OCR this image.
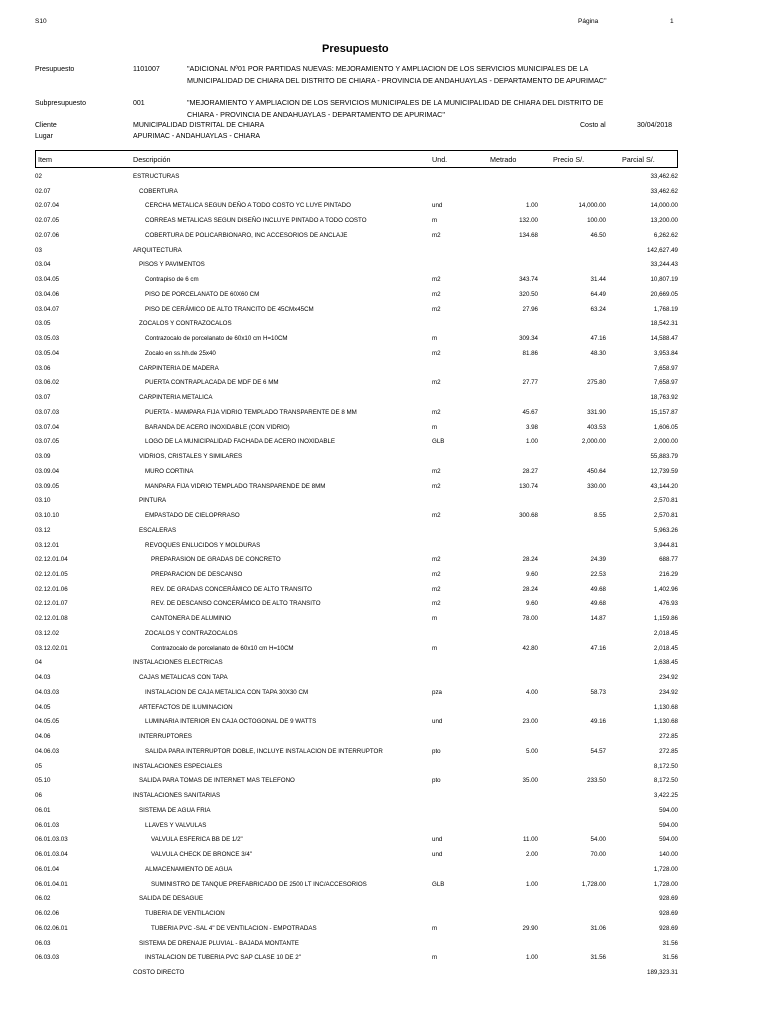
S10	Página	1
Presupuesto
Presupuesto	1101007	"ADICIONAL Nº01 POR PARTIDAS NUEVAS: MEJORAMIENTO Y AMPLIACION DE LOS SERVICIOS MUNICIPALES DE LA MUNICIPALIDAD DE CHIARA DEL DISTRITO DE CHIARA - PROVINCIA DE ANDAHUAYLAS - DEPARTAMENTO DE APURIMAC"
Subpresupuesto	001	"MEJORAMIENTO Y AMPLIACION DE LOS SERVICIOS MUNICIPALES DE LA MUNICIPALIDAD DE CHIARA DEL DISTRITO DE CHIARA - PROVINCIA DE ANDAHUAYLAS - DEPARTAMENTO DE APURIMAC"
Cliente	MUNICIPALIDAD DISTRITAL DE CHIARA	Costo al	30/04/2018
Lugar	APURIMAC - ANDAHUAYLAS - CHIARA
Item	Descripción	Und.	Metrado	Precio S/.	Parcial S/.
02	ESTRUCTURAS	33,462.62
02.07	COBERTURA	33,462.62
02.07.04	CERCHA METALICA SEGUN DEÑO A TODO COSTO YC LUYE PINTADO	und	1.00	14,000.00	14,000.00
02.07.05	CORREAS METALICAS SEGUN DISEÑO INCLUYE PINTADO A TODO COSTO	m	132.00	100.00	13,200.00
02.07.06	COBERTURA DE POLICARBIONARO, INC ACCESORIOS DE ANCLAJE	m2	134.68	46.50	6,262.62
03	ARQUITECTURA	142,627.49
03.04	PISOS Y PAVIMENTOS	33,244.43
03.04.05	Contrapiso de 6 cm	m2	343.74	31.44	10,807.19
03.04.06	PISO DE PORCELANATO DE 60X60 CM	m2	320.50	64.49	20,669.05
03.04.07	PISO DE CERÁMICO DE ALTO TRANCITO DE 45CMx45CM	m2	27.96	63.24	1,768.19
03.05	ZOCALOS Y CONTRAZOCALOS	18,542.31
03.05.03	Contrazocalo de porcelanato de 60x10 cm H=10CM	m	309.34	47.16	14,588.47
03.05.04	Zocalo en ss.hh.de 25x40	m2	81.86	48.30	3,953.84
03.06	CARPINTERIA DE MADERA	7,658.97
03.06.02	PUERTA CONTRAPLACADA DE MDF DE 6 MM	m2	27.77	275.80	7,658.97
03.07	CARPINTERIA METALICA	18,763.92
03.07.03	PUERTA - MAMPARA FIJA VIDRIO TEMPLADO TRANSPARENTE DE 8 MM	m2	45.67	331.90	15,157.87
03.07.04	BARANDA DE ACERO INOXIDABLE (CON VIDRIO)	m	3.98	403.53	1,606.05
03.07.05	LOGO DE LA MUNICIPALIDAD FACHADA DE ACERO INOXIDABLE	GLB	1.00	2,000.00	2,000.00
03.09	VIDRIOS, CRISTALES Y SIMILARES	55,883.79
03.09.04	MURO CORTINA	m2	28.27	450.64	12,739.59
03.09.05	MANPARA FIJA VIDRIO TEMPLADO TRANSPARENDE DE 8MM	m2	130.74	330.00	43,144.20
03.10	PINTURA	2,570.81
03.10.10	EMPASTADO DE CIELOPRRASO	m2	300.68	8.55	2,570.81
03.12	ESCALERAS	5,963.26
03.12.01	REVOQUES ENLUCIDOS Y MOLDURAS	3,944.81
02.12.01.04	PREPARASION DE GRADAS DE CONCRETO	m2	28.24	24.39	688.77
02.12.01.05	PREPARACION DE DESCANSO	m2	9.60	22.53	216.29
02.12.01.06	REV. DE GRADAS CONCERÁMICO DE ALTO TRANSITO	m2	28.24	49.68	1,402.96
02.12.01.07	REV. DE DESCANSO CONCERÁMICO DE ALTO TRANSITO	m2	9.60	49.68	476.93
02.12.01.08	CANTONERA DE ALUMINIO	m	78.00	14.87	1,159.86
03.12.02	ZOCALOS Y CONTRAZOCALOS	2,018.45
03.12.02.01	Contrazocalo de porcelanato de 60x10 cm H=10CM	m	42.80	47.16	2,018.45
04	INSTALACIONES ELECTRICAS	1,638.45
04.03	CAJAS METALICAS CON TAPA	234.92
04.03.03	INSTALACION DE CAJA METALICA CON TAPA 30X30 CM	pza	4.00	58.73	234.92
04.05	ARTEFACTOS DE ILUMINACION	1,130.68
04.05.05	LUMINARIA INTERIOR EN CAJA OCTOGONAL DE 9 WATTS	und	23.00	49.16	1,130.68
04.06	INTERRUPTORES	272.85
04.06.03	SALIDA PARA INTERRUPTOR DOBLE, INCLUYE INSTALACION DE INTERRUPTOR	pto	5.00	54.57	272.85
05	INSTALACIONES ESPECIALES	8,172.50
05.10	SALIDA PARA TOMAS DE INTERNET MAS TELEFONO	pto	35.00	233.50	8,172.50
06	INSTALACIONES SANITARIAS	3,422.25
06.01	SISTEMA DE AGUA FRIA	594.00
06.01.03	LLAVES Y VALVULAS	594.00
06.01.03.03	VALVULA ESFERICA BB DE 1/2"	und	11.00	54.00	594.00
06.01.03.04	VALVULA CHECK DE BRONCE 3/4"	und	2.00	70.00	140.00
06.01.04	ALMACENAMIENTO DE AGUA	1,728.00
06.01.04.01	SUMINISTRO DE TANQUE PREFABRICADO DE 2500 LT INC/ACCESORIOS	GLB	1.00	1,728.00	1,728.00
06.02	SALIDA DE DESAGUE	928.69
06.02.06	TUBERIA DE VENTILACION	928.69
06.02.06.01	TUBERIA PVC -SAL 4" DE VENTILACION - EMPOTRADAS	m	29.90	31.06	928.69
06.03	SISTEMA DE DRENAJE PLUVIAL - BAJADA MONTANTE	31.56
06.03.03	INSTALACION DE TUBERIA PVC SAP CLASE 10 DE 2"	m	1.00	31.56	31.56
COSTO DIRECTO	189,323.31
